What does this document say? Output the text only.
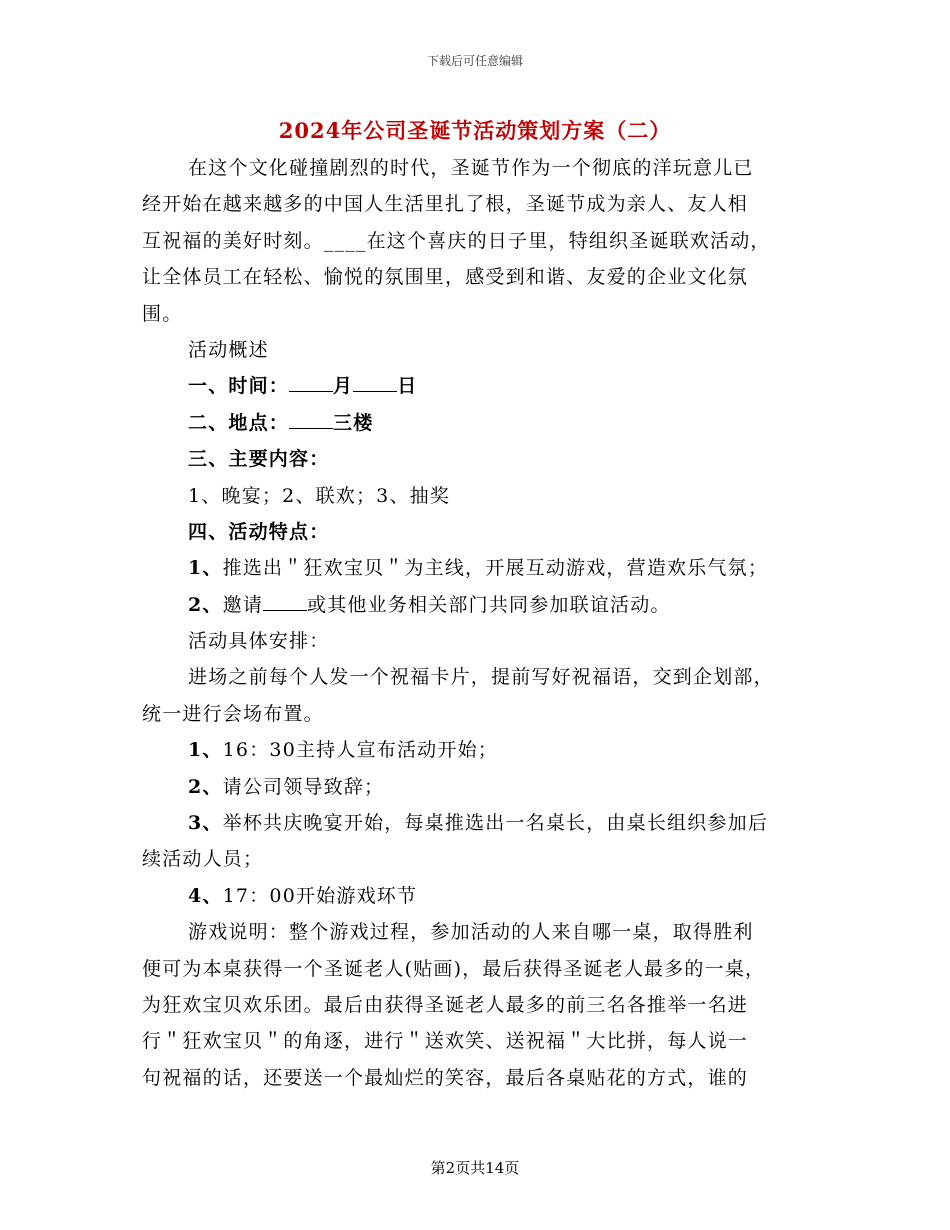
下载后可任意编辑
2024年公司圣诞节活动策划方案（二）
在这个文化碰撞剧烈的时代，圣诞节作为一个彻底的洋玩意儿已
经开始在越来越多的中国人生活里扎了根，圣诞节成为亲人、友人相
互祝福的美好时刻。____在这个喜庆的日子里，特组织圣诞联欢活动，
让全体员工在轻松、愉悦的氛围里，感受到和谐、友爱的企业文化氛
围。
活动概述
一、时间： 月 日
二、地点： 三楼
三、主要内容：
1、晚宴；2、联欢；3、抽奖
四、活动特点：
1、推选出＂狂欢宝贝＂为主线，开展互动游戏，营造欢乐气氛；
2、邀请 或其他业务相关部门共同参加联谊活动。
活动具体安排：
进场之前每个人发一个祝福卡片，提前写好祝福语，交到企划部，
统一进行会场布置。
1、16：30主持人宣布活动开始；
2、请公司领导致辞；
3、举杯共庆晚宴开始，每桌推选出一名桌长，由桌长组织参加后
续活动人员；
4、17：00开始游戏环节
游戏说明：整个游戏过程，参加活动的人来自哪一桌，取得胜利
便可为本桌获得一个圣诞老人(贴画)，最后获得圣诞老人最多的一桌，
为狂欢宝贝欢乐团。最后由获得圣诞老人最多的前三名各推举一名进
行＂狂欢宝贝＂的角逐，进行＂送欢笑、送祝福＂大比拼，每人说一
句祝福的话，还要送一个最灿烂的笑容，最后各桌贴花的方式，谁的
第2页共14页
